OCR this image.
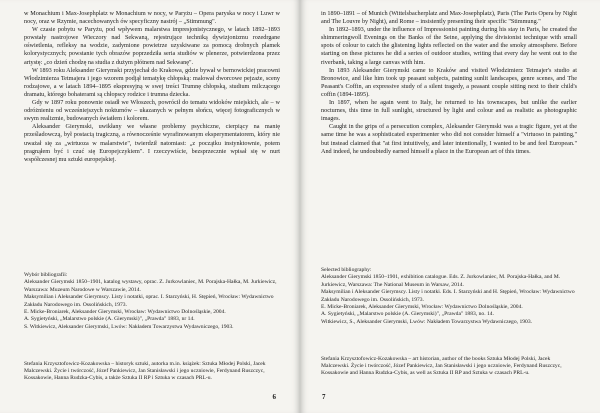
w Monachium i Max-Josephplatz w Monachium w nocy, w Paryżu – Opera paryska w nocy i Luwr w nocy, oraz w Rzymie, nacechowanych ów specyficzny nastrój – „Stimmung".

W czasie pobytu w Paryżu, pod wpływem malarstwa impresjonistycznego, w latach 1892–1893 powstały nastrojowe Wieczory nad Sekwaną, rejestrujące techniką dywizjonizmu rozedrgane oświetlenia, refleksy na wodzie, zadymione powietrze uzyskiwane za pomocą drobnych plamek kolorystycznych; powstanie tych obrazów poprzedziła seria studiów w plenerze, potwierdzona przez artystę: „co dzień chodzę na studia z dużym płótnem nad Sekwanę".

W 1893 roku Aleksander Gierymski przyjechał do Krakowa, gdzie bywał w bernowickiej pracowni Włodzimierza Tetmajera i jego wzorem podjął tematykę chłopską: malował dworcowe pejzaże, sceny rodzajowe, a w latach 1894–1895 ekspresyjną w swej treści Trumnę chłopską, studium milczącego dramatu, którego bohaterami są chłopscy rodzice i trumna dziecka.

Gdy w 1897 roku ponownie osiadł we Włoszech, powrócił do tematu widoków miejskich, ale – w odróżnieniu od wcześniejszych nokturnów – ukazanych w pełnym słońcu, więcej fotograficznych w swym realizmie, budowanych światłem i kolorem.

Aleksander Gierymski, uwikłany we własne problemy psychiczne, cierpiący na manię prześladowczą, był postacią tragiczną, a równocześnie wyrafinowanym eksperymentatorem, który nie uważał się za „wirtuoza w malarstwie", twierdził natomiast: „z początku instynktownie, potem pragnąłem być i czuć się Europejczykiem". I rzeczywiście, bezsprzecznie wpisał się w nurt współczesnej mu sztuki europejskiej.

Wybór bibliografii:

Aleksander Gierymski 1850–1901, katalog wystawy, oprac. Z. Jurkowlaniec, M. Porajska-Hałka, M. Jurkiewicz, Warszawa: Muzeum Narodowe w Warszawie, 2014.

Maksymilian i Aleksander Gierymscy. Listy i notatki, oprac. I. Starzyński, H. Stępień, Wrocław: Wydawnictwo Zakładu Narodowego im. Ossolińskich, 1973.

E. Micke-Broniarek, Aleksander Gierymski, Wrocław: Wydawnictwo Dolnośląskie, 2004.

A. Sygietyński, „Malarstwo polskie (A. Gierymski)", „Prawda" 1883, nr 14.

S. Witkiewicz, Aleksander Gierymski, Lwów: Nakładem Towarzystwa Wydawniczego, 1903.

Stefania Krzysztofowicz-Kozakowska – historyk sztuki, autorka m.in. książek: Sztuka Młodej Polski, Jacek Malczewski. Życie i twórczość, Józef Pankiewicz, Jan Stanisławski i jego uczniowie, Ferdynand Ruszczyc, Kossakowie, Hanna Rudzka-Cybis, a także Sztuka II RP i Sztuka w czasach PRL-u.

6

in 1890–1891 – of Munich (Wittelsbacherplatz and Max-Josephplatz), Paris (The Paris Opera by Night and The Louvre by Night), and Rome – insistently presenting their specific "Stimmung."

In 1892–1893, under the influence of Impressionist painting during his stay in Paris, he created the shimmeringwoll Evenings on the Banks of the Seine, applying the divisionist technique with small spots of colour to catch the glistening lights reflected on the water and the smoky atmosphere. Before starting on these pictures he did a series of outdoor studies, writing that every day he went out to the riverbank, taking a large canvas with him.

In 1893 Aleksander Gierymski came to Kraków and visited Włodzimierz Tetmajer's studio at Bronowice, and like him took up peasant subjects, painting sunlit landscapes, genre scenes, and The Peasant's Coffin, an expressive study of a silent tragedy, a peasant couple sitting next to their child's coffin (1894-1895).

In 1897, when he again went to Italy, he returned to his townscapes, but unlike the earlier nocturnes, this time in full sunlight, structured by light and colour and as realistic as photographic images.

Caught in the grips of a persecution complex, Aleksander Gierymski was a tragic figure, yet at the same time he was a sophisticated experimenter who did not consider himself a "virtuoso in painting," but instead claimed that "at first intuitively, and later intentionally, I wanted to be and feel European." And indeed, he undoubtedly earned himself a place in the European art of this times.

Selected bibliography:

Aleksander Gierymski 1850–1901, exhibition catalogue. Eds. Z. Jurkowlaniec, M. Porajska-Hałka, and M. Jurkiewicz, Warszawa: The National Museum in Warsaw, 2014.

Maksymilian i Aleksander Gierymscy. Listy i notatki. Eds. I. Starzyński and H. Stępień, Wrocław: Wydawnictwo Zakładu Narodowego im. Ossolińskich, 1973.

E. Micke-Broniarek, Aleksander Gierymski, Wrocław: Wydawnictwo Dolnośląskie, 2004.

A. Sygietyński, „Malarstwo polskie (A. Gierymski)", „Prawda" 1883, no. 14.

Witkiewicz, S., Aleksander Gierymski, Lwów: Nakładem Towarzystwa Wydawniczego, 1903.

Stefania Krzysztofowicz-Kozakowska – art historian, author of the books Sztuka Młodej Polski, Jacek Malczewski. Życie i twórczość, Józef Pankiewicz, Jan Stanisławski i jego uczniowie, Ferdynand Ruszczyc, Kossakowie and Hanna Rudzka-Cybis, as well as Sztuka II RP and Sztuka w czasach PRL-u.

7
